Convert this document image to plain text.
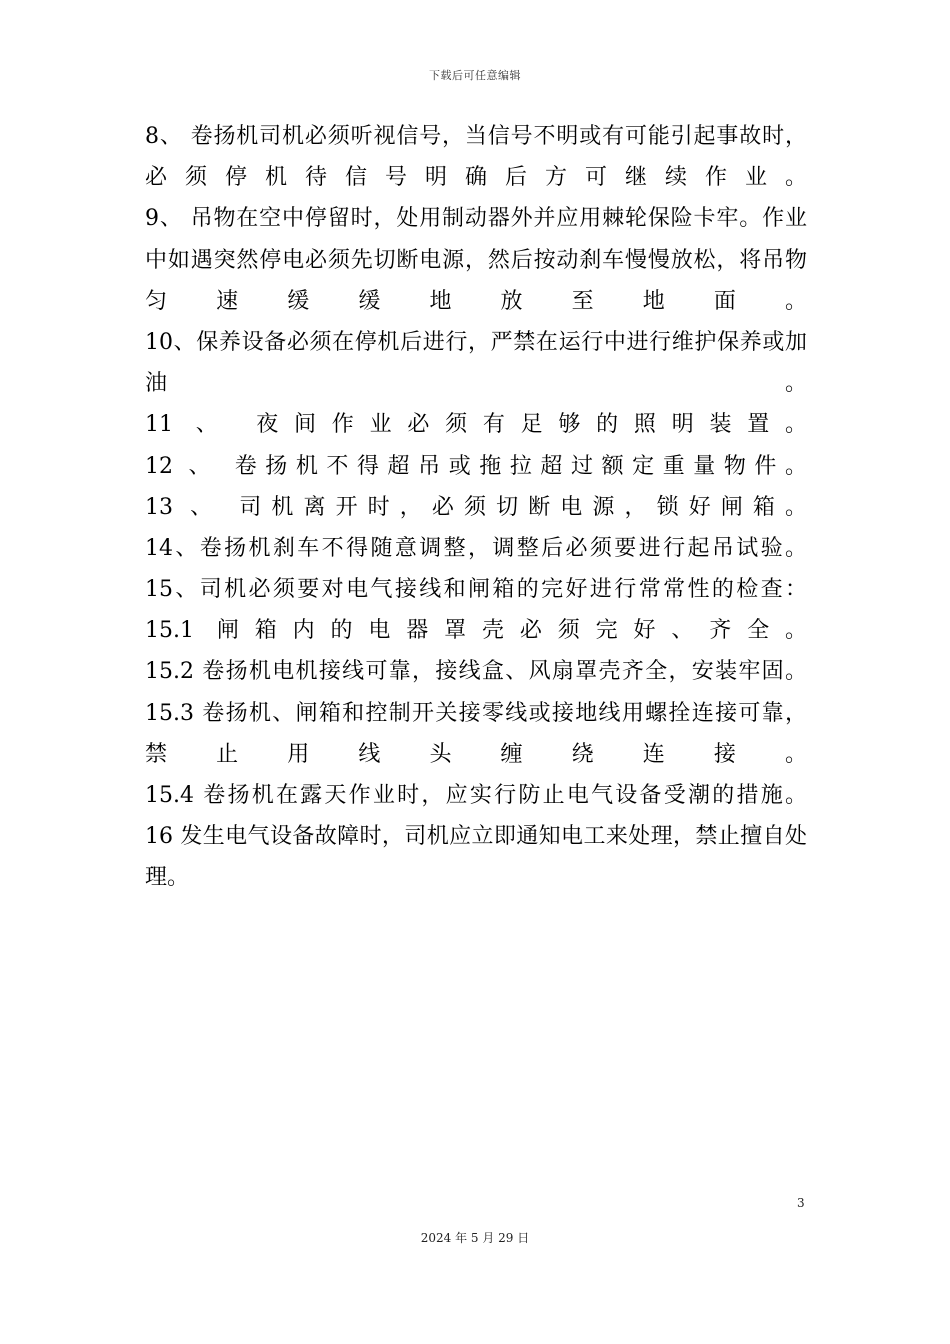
下载后可任意编辑
8、 卷扬机司机必须听视信号，当信号不明或有可能引起事故时，
必须停机待信号明确后方可继续作业。
9、 吊物在空中停留时，处用制动器外并应用棘轮保险卡牢。作业
中如遇突然停电必须先切断电源，然后按动刹车慢慢放松，将吊物
匀速缓缓地放至地面。
10、保养设备必须在停机后进行，严禁在运行中进行维护保养或加
油 。
11 、 夜间作业必须有足够的照明装置。
12 、 卷扬机不得超吊或拖拉超过额定重量物件。
13 、 司机离开时，必须切断电源，锁好闸箱。
14、卷扬机刹车不得随意调整，调整后必须要进行起吊试验。
15、司机必须要对电气接线和闸箱的完好进行常常性的检查：
15.1 闸箱内的电器罩壳必须完好、齐全。
15.2 卷扬机电机接线可靠，接线盒、风扇罩壳齐全，安装牢固。
15.3 卷扬机、闸箱和控制开关接零线或接地线用螺拴连接可靠，
禁止用线头缠绕连接。
15.4 卷扬机在露天作业时，应实行防止电气设备受潮的措施。
16 发生电气设备故障时，司机应立即通知电工来处理，禁止擅自处
理。
3
2024 年 5 月 29 日
